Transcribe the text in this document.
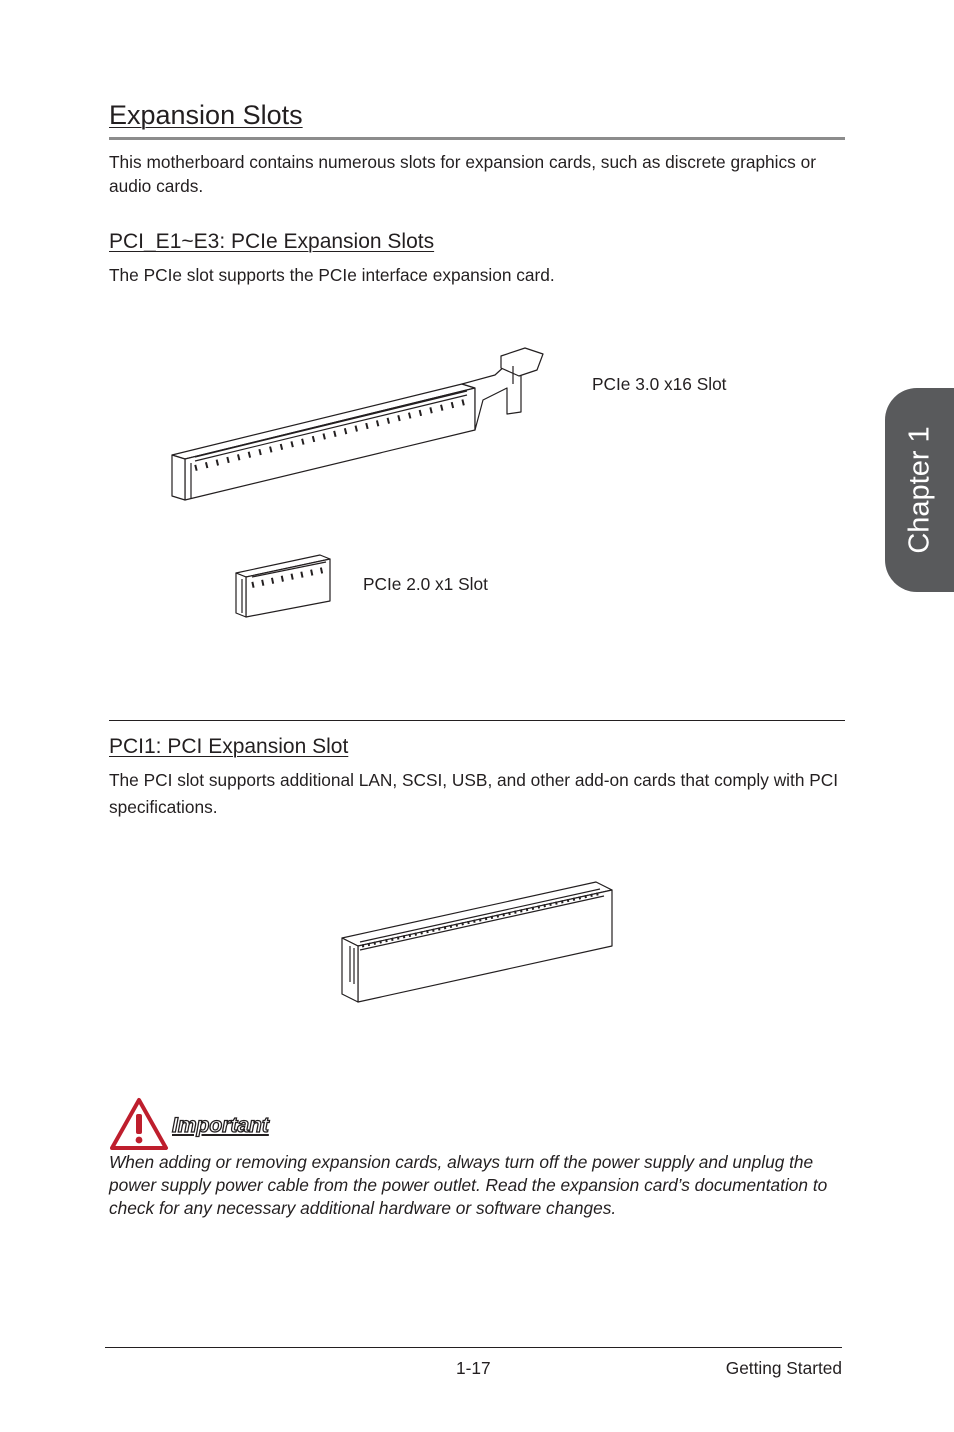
Expansion Slots
This motherboard contains numerous slots for expansion cards, such as discrete graphics or audio cards.
PCI_E1~E3: PCIe Expansion Slots
The PCIe slot supports the PCIe interface expansion card.
PCIe 3.0 x16 Slot
PCIe 2.0 x1 Slot
PCI1: PCI Expansion Slot
The PCI slot supports additional LAN, SCSI, USB, and other add-on cards that comply with PCI specifications.
Chapter 1
Important
When adding or removing expansion cards, always turn off the power supply and unplug the power supply power cable from the power outlet. Read the expansion card’s documentation to check for any necessary additional hardware or software changes.
1-17	Getting Started
